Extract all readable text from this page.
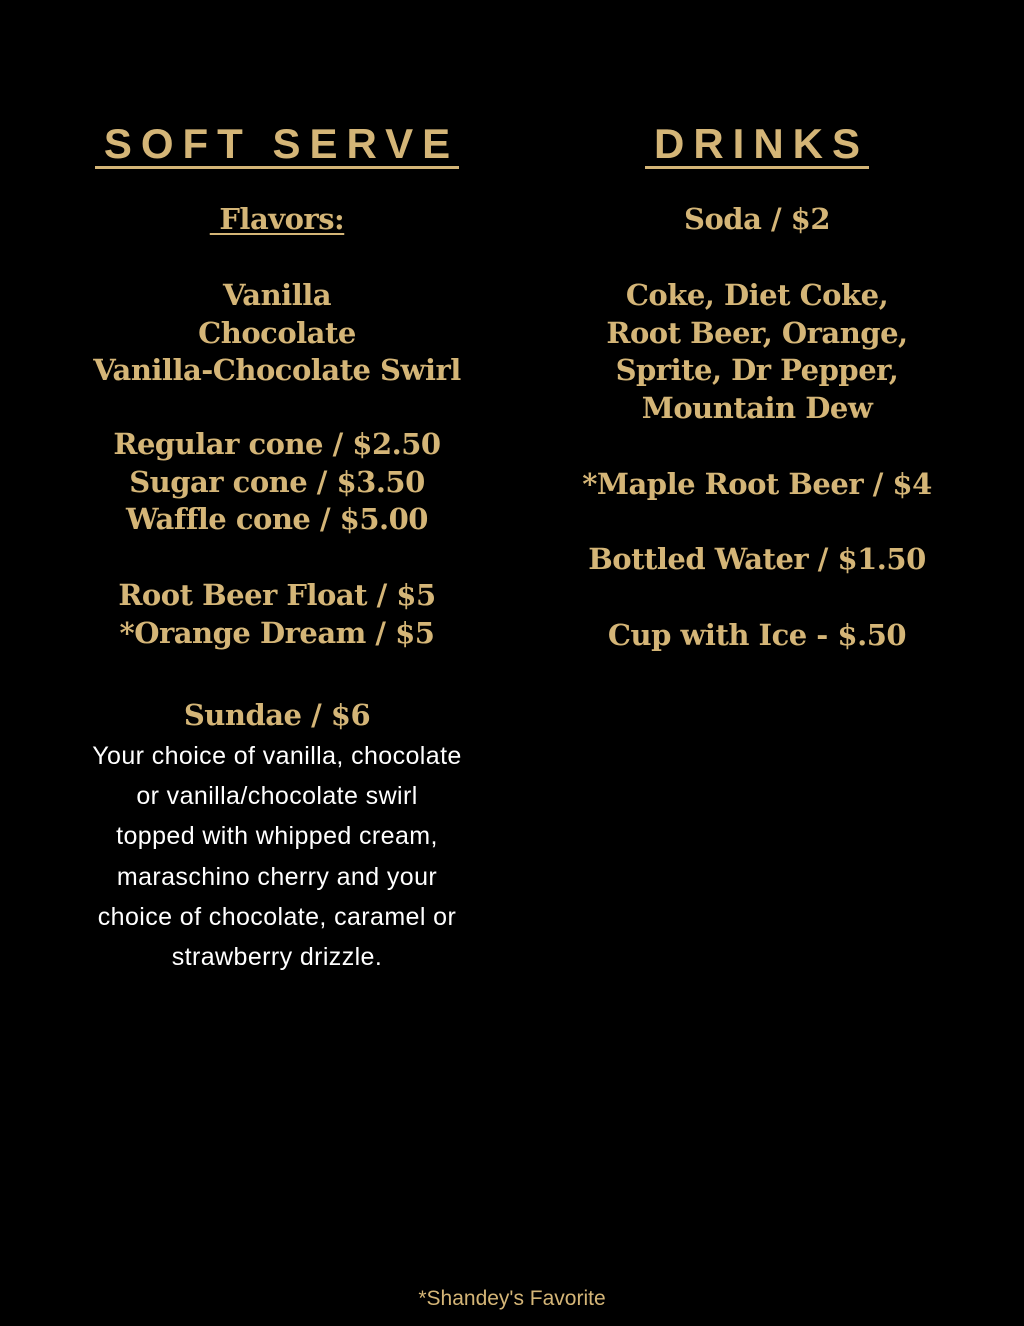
SOFT SERVE
Flavors:
Vanilla
Chocolate
Vanilla-Chocolate Swirl
Regular cone / $2.50
Sugar cone / $3.50
Waffle cone / $5.00
Root Beer Float / $5
*Orange Dream / $5
Sundae / $6
Your choice of vanilla, chocolate
or vanilla/chocolate swirl
topped with whipped cream,
maraschino cherry and your
choice of chocolate, caramel or
strawberry drizzle.
DRINKS
Soda / $2
Coke, Diet Coke,
Root Beer, Orange,
Sprite, Dr Pepper,
Mountain Dew
*Maple Root Beer / $4
Bottled Water / $1.50
Cup with Ice - $.50
*Shandey's Favorite
